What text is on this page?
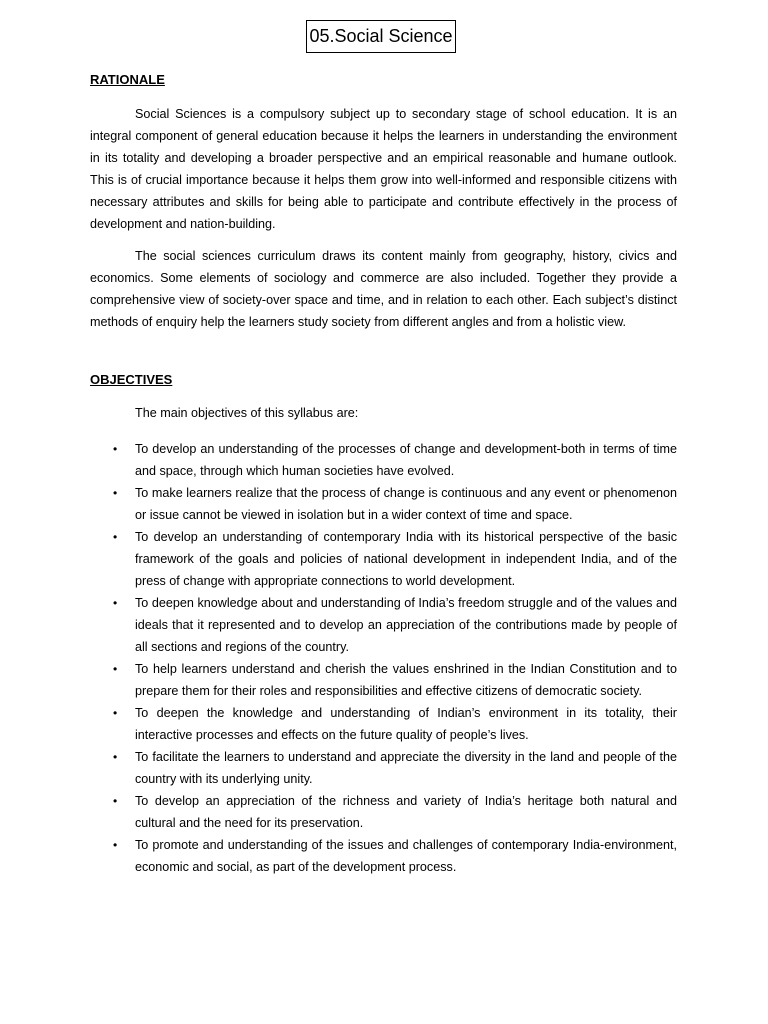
05.Social Science
RATIONALE

Social Sciences is a compulsory subject up to secondary stage of school education. It is an integral component of general education because it helps the learners in understanding the environment in its totality and developing a broader perspective and an empirical reasonable and humane outlook. This is of crucial importance because it helps them grow into well-informed and responsible citizens with necessary attributes and skills for being able to participate and contribute effectively in the process of development and nation-building.

The social sciences curriculum draws its content mainly from geography, history, civics and economics. Some elements of sociology and commerce are also included. Together they provide a comprehensive view of society-over space and time, and in relation to each other. Each subject’s distinct methods of enquiry help the learners study society from different angles and from a holistic view.

OBJECTIVES
The main objectives of this syllabus are:
• To develop an understanding of the processes of change and development-both in terms of time and space, through which human societies have evolved.
• To make learners realize that the process of change is continuous and any event or phenomenon or issue cannot be viewed in isolation but in a wider context of time and space.
• To develop an understanding of contemporary India with its historical perspective of the basic framework of the goals and policies of national development in independent India, and of the press of change with appropriate connections to world development.
• To deepen knowledge about and understanding of India’s freedom struggle and of the values and ideals that it represented and to develop an appreciation of the contributions made by people of all sections and regions of the country.
• To help learners understand and cherish the values enshrined in the Indian Constitution and to prepare them for their roles and responsibilities and effective citizens of democratic society.
• To deepen the knowledge and understanding of Indian’s environment in its totality, their interactive processes and effects on the future quality of people’s lives.
• To facilitate the learners to understand and appreciate the diversity in the land and people of the country with its underlying unity.
• To develop an appreciation of the richness and variety of India’s heritage both natural and cultural and the need for its preservation.
• To promote and understanding of the issues and challenges of contemporary India-environment, economic and social, as part of the development process.
